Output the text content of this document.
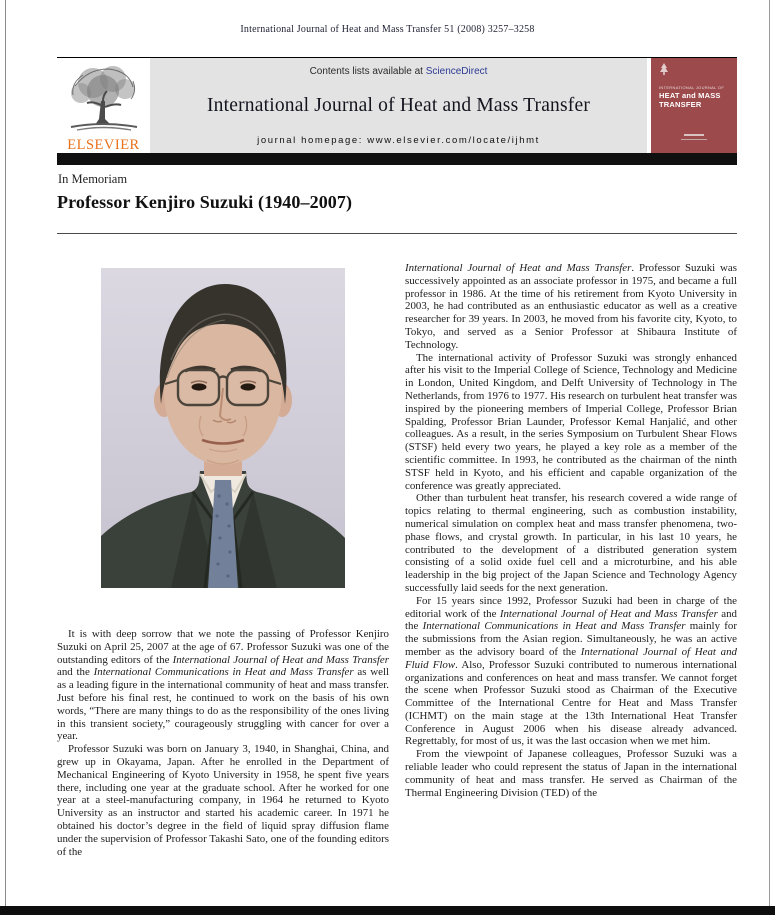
International Journal of Heat and Mass Transfer 51 (2008) 3257–3258
ELSEVIER
Contents lists available at ScienceDirect
International Journal of Heat and Mass Transfer
journal homepage: www.elsevier.com/locate/ijhmt
INTERNATIONAL JOURNAL OF
HEAT and MASS
TRANSFER
In Memoriam
Professor Kenjiro Suzuki (1940–2007)

It is with deep sorrow that we note the passing of Professor Kenjiro Suzuki on April 25, 2007 at the age of 67. Professor Suzuki was one of the outstanding editors of the International Journal of Heat and Mass Transfer and the International Communications in Heat and Mass Transfer as well as a leading figure in the international community of heat and mass transfer. Just before his final rest, he continued to work on the basis of his own words, “There are many things to do as the responsibility of the ones living in this transient society,” courageously struggling with cancer for over a year.

Professor Suzuki was born on January 3, 1940, in Shanghai, China, and grew up in Okayama, Japan. After he enrolled in the Department of Mechanical Engineering of Kyoto University in 1958, he spent five years there, including one year at the graduate school. After he worked for one year at a steel-manufacturing company, in 1964 he returned to Kyoto University as an instructor and started his academic career. In 1971 he obtained his doctor’s degree in the field of liquid spray diffusion flame under the supervision of Professor Takashi Sato, one of the founding editors of the

International Journal of Heat and Mass Transfer. Professor Suzuki was successively appointed as an associate professor in 1975, and became a full professor in 1986. At the time of his retirement from Kyoto University in 2003, he had contributed as an enthusiastic educator as well as a creative researcher for 39 years. In 2003, he moved from his favorite city, Kyoto, to Tokyo, and served as a Senior Professor at Shibaura Institute of Technology.

The international activity of Professor Suzuki was strongly enhanced after his visit to the Imperial College of Science, Technology and Medicine in London, United Kingdom, and Delft University of Technology in The Netherlands, from 1976 to 1977. His research on turbulent heat transfer was inspired by the pioneering members of Imperial College, Professor Brian Spalding, Professor Brian Launder, Professor Kemal Hanjalić, and other colleagues. As a result, in the series Symposium on Turbulent Shear Flows (STSF) held every two years, he played a key role as a member of the scientific committee. In 1993, he contributed as the chairman of the ninth STSF held in Kyoto, and his efficient and capable organization of the conference was greatly appreciated.

Other than turbulent heat transfer, his research covered a wide range of topics relating to thermal engineering, such as combustion instability, numerical simulation on complex heat and mass transfer phenomena, two-phase flows, and crystal growth. In particular, in his last 10 years, he contributed to the development of a distributed generation system consisting of a solid oxide fuel cell and a microturbine, and his able leadership in the big project of the Japan Science and Technology Agency successfully laid seeds for the next generation.

For 15 years since 1992, Professor Suzuki had been in charge of the editorial work of the International Journal of Heat and Mass Transfer and the International Communications in Heat and Mass Transfer mainly for the submissions from the Asian region. Simultaneously, he was an active member as the advisory board of the International Journal of Heat and Fluid Flow. Also, Professor Suzuki contributed to numerous international organizations and conferences on heat and mass transfer. We cannot forget the scene when Professor Suzuki stood as Chairman of the Executive Committee of the International Centre for Heat and Mass Transfer (ICHMT) on the main stage at the 13th International Heat Transfer Conference in August 2006 when his disease already advanced. Regrettably, for most of us, it was the last occasion when we met him.

From the viewpoint of Japanese colleagues, Professor Suzuki was a reliable leader who could represent the status of Japan in the international community of heat and mass transfer. He served as Chairman of the Thermal Engineering Division (TED) of the
